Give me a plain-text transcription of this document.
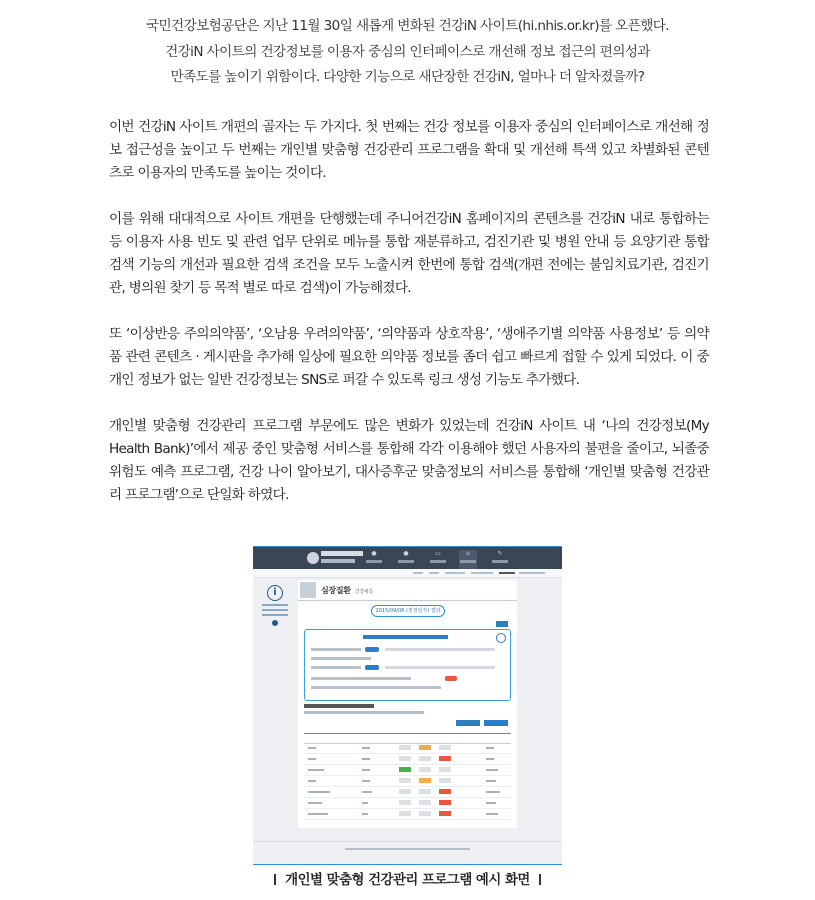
국민건강보험공단은 지난 11월 30일 새롭게 변화된 건강iN 사이트(hi.nhis.or.kr)를 오픈했다.

건강iN 사이트의 건강정보를 이용자 중심의 인터페이스로 개선해 정보 접근의 편의성과

만족도를 높이기 위함이다. 다양한 기능으로 새단장한 건강iN, 얼마나 더 알차졌을까?

이번 건강iN 사이트 개편의 골자는 두 가지다. 첫 번째는 건강 정보를 이용자 중심의 인터페이스로 개선해 정보 접근성을 높이고 두 번째는 개인별 맞춤형 건강관리 프로그램을 확대 및 개선해 특색 있고 차별화된 콘텐츠로 이용자의 만족도를 높이는 것이다.

이를 위해 대대적으로 사이트 개편을 단행했는데 주니어건강iN 홈페이지의 콘텐츠를 건강iN 내로 통합하는 등 이용자 사용 빈도 및 관련 업무 단위로 메뉴를 통합 재분류하고, 검진기관 및 병원 안내 등 요양기관 통합 검색 기능의 개선과 필요한 검색 조건을 모두 노출시켜 한번에 통합 검색(개편 전에는 불임치료기관, 검진기관, 병의원 찾기 등 목적 별로 따로 검색)이 가능해졌다.

또 ‘이상반응 주의의약품’, ‘오남용 우려의약품’, ‘의약품과 상호작용’, ‘생애주기별 의약품 사용정보’ 등 의약품 관련 콘텐츠 · 게시판을 추가해 일상에 필요한 의약품 정보를 좀더 쉽고 빠르게 접할 수 있게 되었다. 이 중 개인 정보가 없는 일반 건강정보는 SNS로 퍼갈 수 있도록 링크 생성 기능도 추가했다.

개인별 맞춤형 건강관리 프로그램 부문에도 많은 변화가 있었는데 건강iN 사이트 내 ‘나의 건강정보(My Health Bank)’에서 제공 중인 맞춤형 서비스를 통합해 각각 이용해야 했던 사용자의 불편을 줄이고, 뇌졸중 위험도 예측 프로그램, 건강 나이 알아보기, 대사증후군 맞춤정보의 서비스를 통합해 ‘개인별 맞춤형 건강관리 프로그램’으로 단일화 하였다.

●	●	▭	⌂	✎
i	심장질환 건강예측
2015/09/08 (결정일자) 결과

개인별 맞춤형 건강관리 프로그램 예시 화면
